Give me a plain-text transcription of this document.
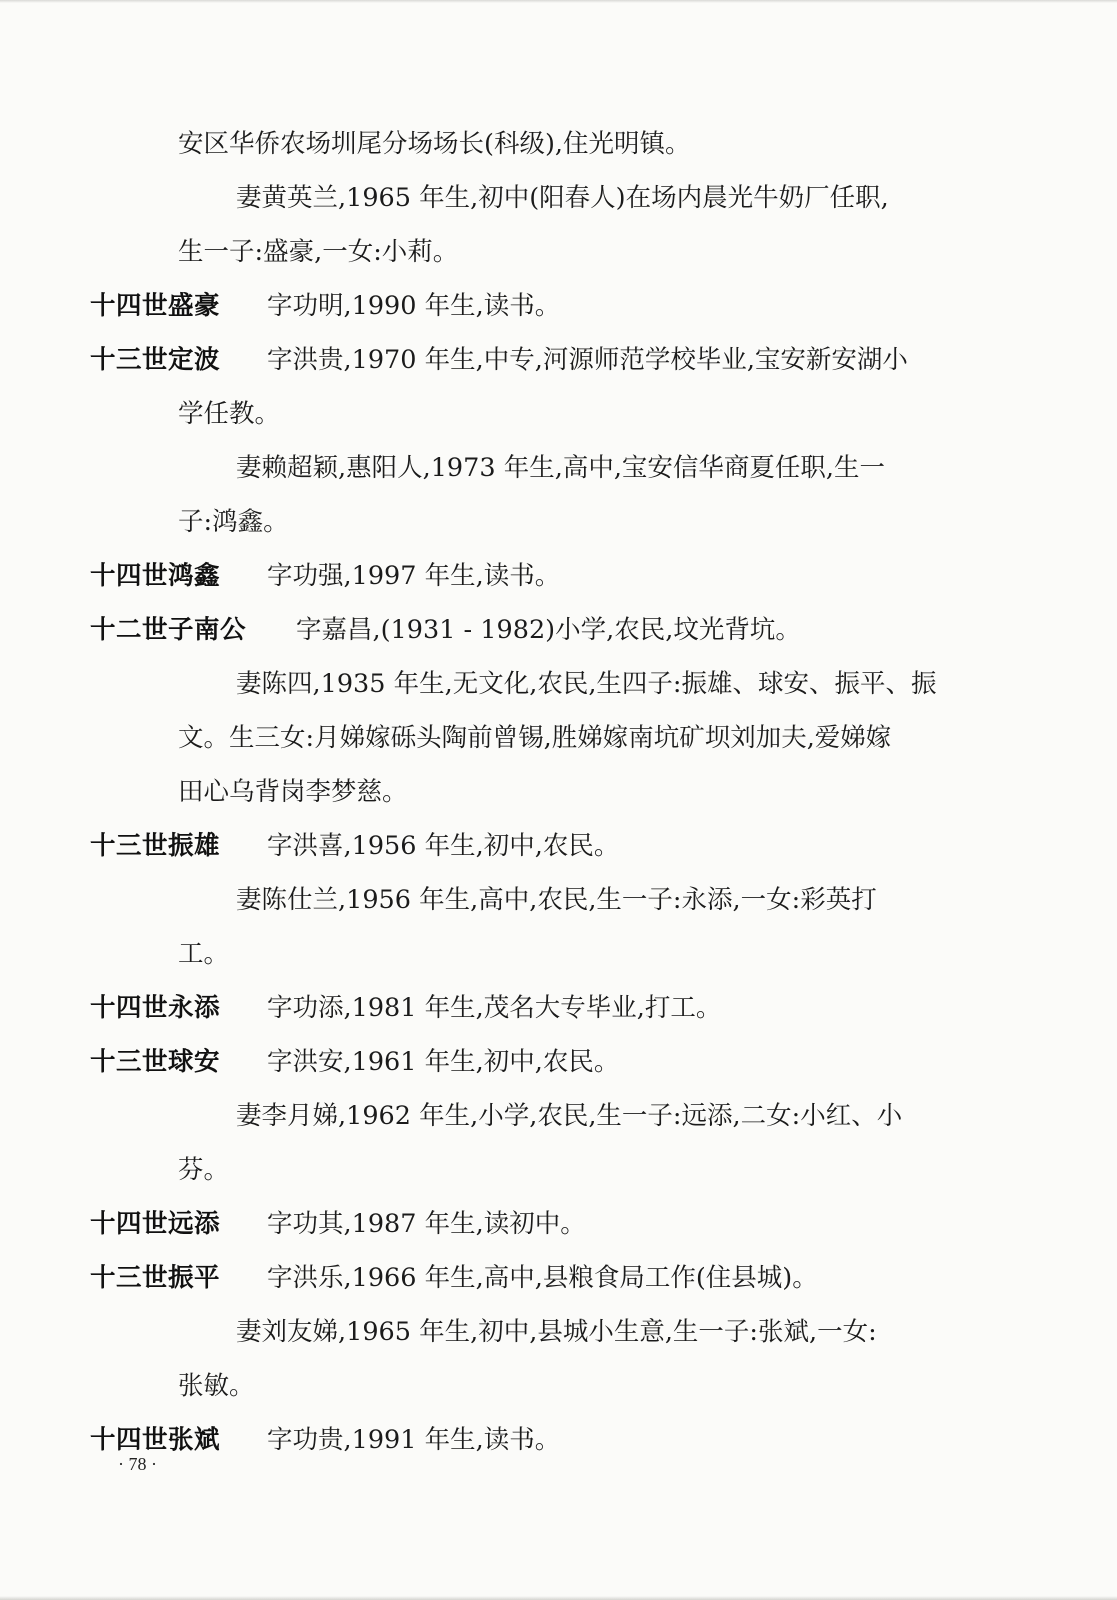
安区华侨农场圳尾分场场长(科级),住光明镇。
妻黄英兰,1965 年生,初中(阳春人)在场内晨光牛奶厂任职,
生一子:盛豪,一女:小莉。
十四世盛豪 字功明,1990 年生,读书。
十三世定波 字洪贵,1970 年生,中专,河源师范学校毕业,宝安新安湖小
学任教。
妻赖超颖,惠阳人,1973 年生,高中,宝安信华商夏任职,生一
子:鸿鑫。
十四世鸿鑫 字功强,1997 年生,读书。
十二世子南公 字嘉昌,(1931 - 1982)小学,农民,坟光背坑。
妻陈四,1935 年生,无文化,农民,生四子:振雄、球安、振平、振
文。生三女:月娣嫁砾头陶前曾锡,胜娣嫁南坑矿坝刘加夫,爱娣嫁
田心乌背岗李梦慈。
十三世振雄 字洪喜,1956 年生,初中,农民。
妻陈仕兰,1956 年生,高中,农民,生一子:永添,一女:彩英打
工。
十四世永添 字功添,1981 年生,茂名大专毕业,打工。
十三世球安 字洪安,1961 年生,初中,农民。
妻李月娣,1962 年生,小学,农民,生一子:远添,二女:小红、小
芬。
十四世远添 字功其,1987 年生,读初中。
十三世振平 字洪乐,1966 年生,高中,县粮食局工作(住县城)。
妻刘友娣,1965 年生,初中,县城小生意,生一子:张斌,一女:
张敏。
十四世张斌 字功贵,1991 年生,读书。
· 78 ·
